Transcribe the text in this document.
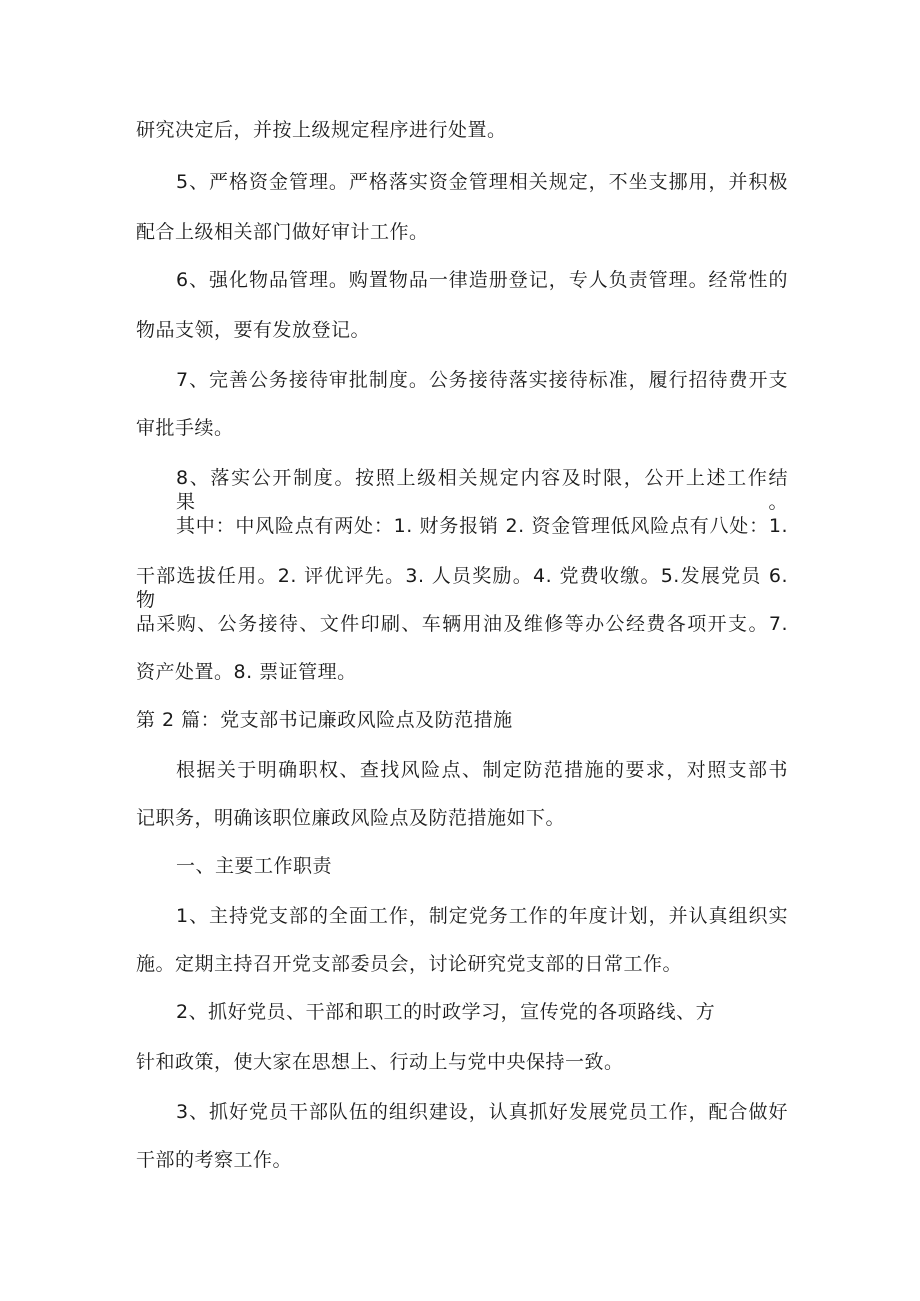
研究决定后，并按上级规定程序进行处置。
5、严格资金管理。严格落实资金管理相关规定，不坐支挪用，并积极
配合上级相关部门做好审计工作。
6、强化物品管理。购置物品一律造册登记，专人负责管理。经常性的
物品支领，要有发放登记。
7、完善公务接待审批制度。公务接待落实接待标准，履行招待费开支
审批手续。
8、落实公开制度。按照上级相关规定内容及时限，公开上述工作结果。
其中：中风险点有两处：1. 财务报销 2. 资金管理低风险点有八处：1.
干部选拔任用。2. 评优评先。3. 人员奖励。4. 党费收缴。5.发展党员 6. 物
品采购、公务接待、文件印刷、车辆用油及维修等办公经费各项开支。7.
资产处置。8. 票证管理。
第 2 篇：党支部书记廉政风险点及防范措施
根据关于明确职权、查找风险点、制定防范措施的要求，对照支部书
记职务，明确该职位廉政风险点及防范措施如下。
一、主要工作职责
1、主持党支部的全面工作，制定党务工作的年度计划，并认真组织实
施。定期主持召开党支部委员会，讨论研究党支部的日常工作。
2、抓好党员、干部和职工的时政学习，宣传党的各项路线、方
针和政策，使大家在思想上、行动上与党中央保持一致。
3、抓好党员干部队伍的组织建设，认真抓好发展党员工作，配合做好
干部的考察工作。
